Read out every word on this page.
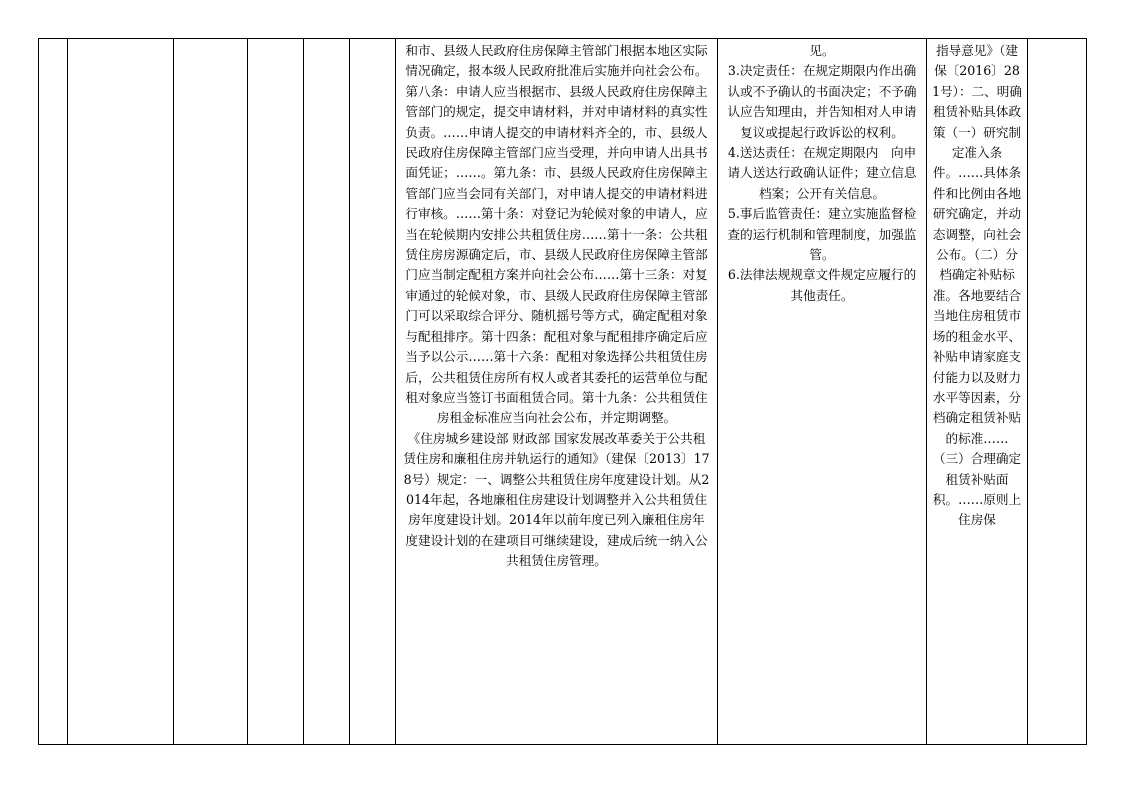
和市、县级人民政府住房保障主管部门根据本地区实际情况确定，报本级人民政府批准后实施并向社会公布。第八条：申请人应当根据市、县级人民政府住房保障主管部门的规定，提交申请材料，并对申请材料的真实性负责。……申请人提交的申请材料齐全的，市、县级人民政府住房保障主管部门应当受理，并向申请人出具书面凭证；……。第九条：市、县级人民政府住房保障主管部门应当会同有关部门，对申请人提交的申请材料进行审核。……第十条：对登记为轮候对象的申请人，应当在轮候期内安排公共租赁住房……第十一条：公共租赁住房房源确定后，市、县级人民政府住房保障主管部门应当制定配租方案并向社会公布……第十三条：对复审通过的轮候对象，市、县级人民政府住房保障主管部门可以采取综合评分、随机摇号等方式，确定配租对象与配租排序。第十四条：配租对象与配租排序确定后应当予以公示……第十六条：配租对象选择公共租赁住房后，公共租赁住房所有权人或者其委托的运营单位与配租对象应当签订书面租赁合同。第十九条：公共租赁住房租金标准应当向社会公布，并定期调整。

《住房城乡建设部 财政部 国家发展改革委关于公共租赁住房和廉租住房并轨运行的通知》（建保〔2013〕178号）规定：一、调整公共租赁住房年度建设计划。从2014年起，各地廉租住房建设计划调整并入公共租赁住房年度建设计划。2014年以前年度已列入廉租住房年度建设计划的在建项目可继续建设，建成后统一纳入公共租赁住房管理。

见。

3.决定责任：在规定期限内作出确认或不予确认的书面决定；不予确认应告知理由，并告知相对人申请复议或提起行政诉讼的权利。

4.送达责任：在规定期限内　向申请人送达行政确认证件；建立信息档案；公开有关信息。

5.事后监管责任：建立实施监督检查的运行机制和管理制度，加强监管。

6.法律法规规章文件规定应履行的其他责任。

指导意见》（建保〔2016〕281号）：二、明确租赁补贴具体政策（一）研究制定准入条件。……具体条件和比例由各地研究确定，并动态调整，向社会公布。（二）分档确定补贴标准。各地要结合当地住房租赁市场的租金水平、补贴申请家庭支付能力以及财力水平等因素，分档确定租赁补贴的标准……（三）合理确定租赁补贴面积。……原则上住房保
